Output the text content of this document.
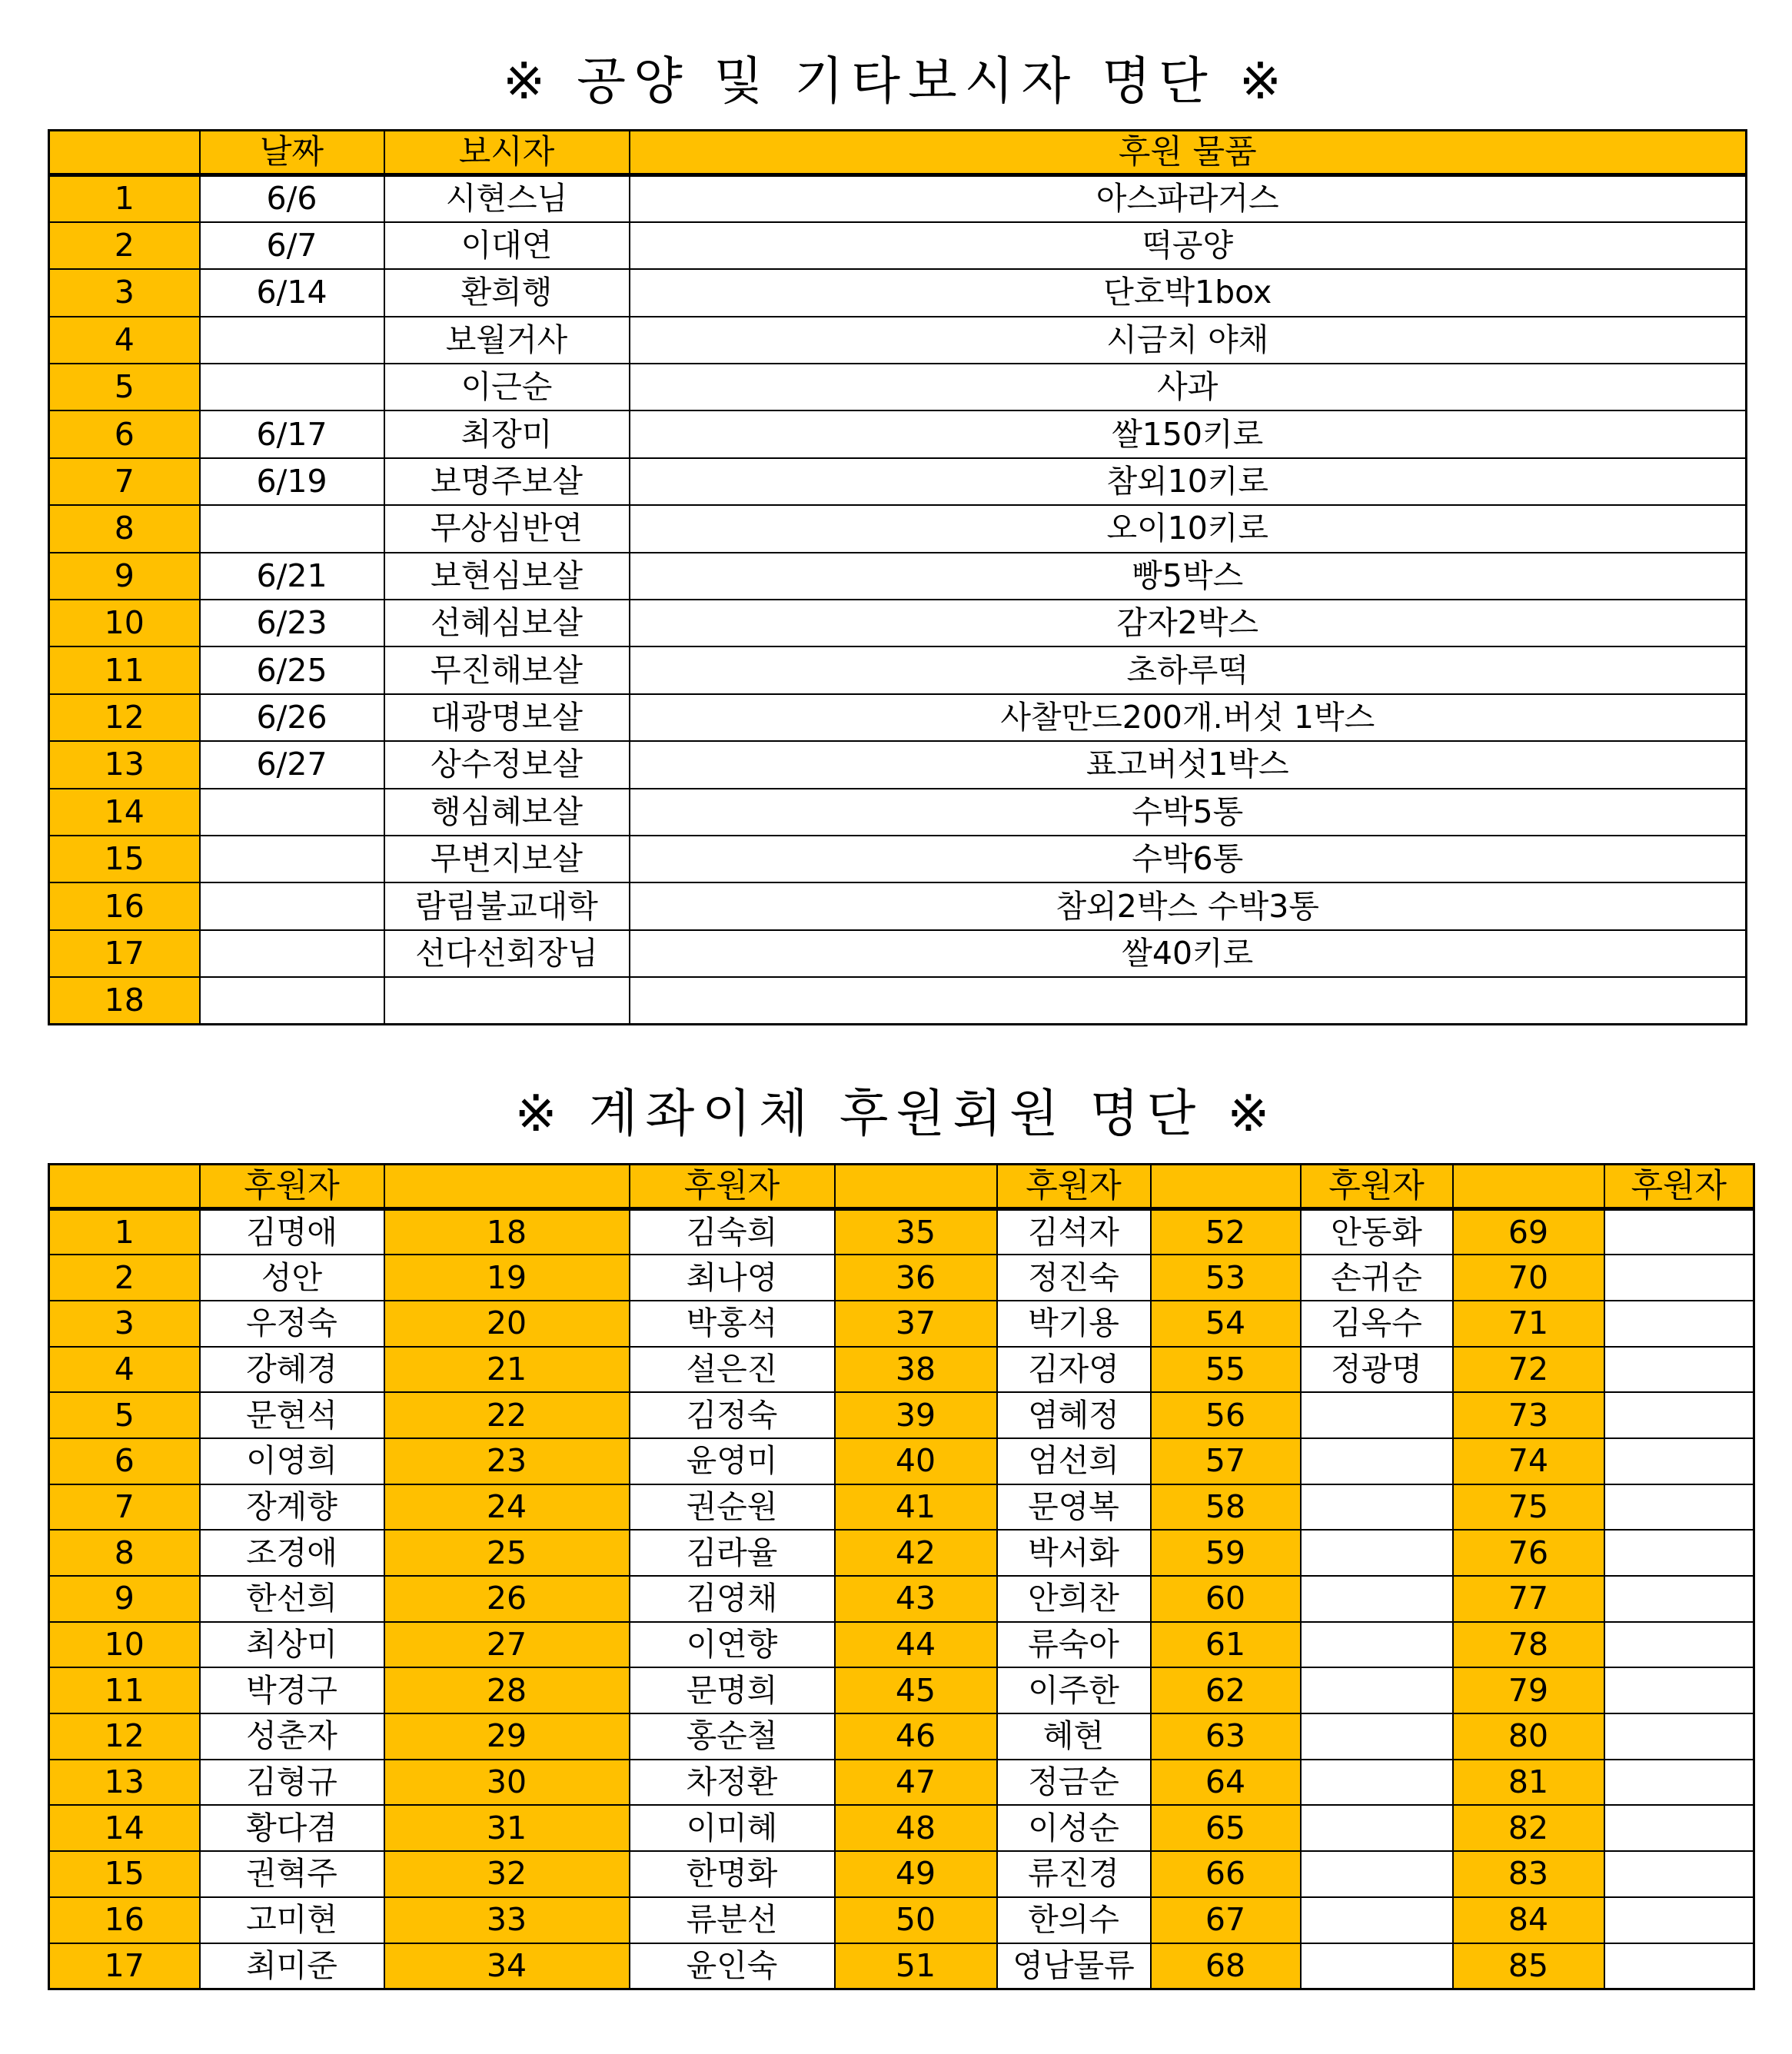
※ 공양 및 기타보시자 명단 ※
	날짜	보시자	후원 물품
1	6/6	시현스님	아스파라거스
2	6/7	이대연	떡공양
3	6/14	환희행	단호박1box
4		보월거사	시금치 야채
5		이근순	사과
6	6/17	최장미	쌀150키로
7	6/19	보명주보살	참외10키로
8		무상심반연	오이10키로
9	6/21	보현심보살	빵5박스
10	6/23	선혜심보살	감자2박스
11	6/25	무진해보살	초하루떡
12	6/26	대광명보살	사찰만드200개.버섯 1박스
13	6/27	상수정보살	표고버섯1박스
14		행심혜보살	수박5통
15		무변지보살	수박6통
16		람림불교대학	참외2박스 수박3통
17		선다선회장님	쌀40키로
18			
※ 계좌이체 후원회원 명단 ※
	후원자		후원자		후원자		후원자		후원자
1	김명애	18	김숙희	35	김석자	52	안동화	69	
2	성안	19	최나영	36	정진숙	53	손귀순	70	
3	우정숙	20	박홍석	37	박기용	54	김옥수	71	
4	강혜경	21	설은진	38	김자영	55	정광명	72	
5	문현석	22	김정숙	39	염혜정	56		73	
6	이영희	23	윤영미	40	엄선희	57		74	
7	장계향	24	권순원	41	문영복	58		75	
8	조경애	25	김라율	42	박서화	59		76	
9	한선희	26	김영채	43	안희찬	60		77	
10	최상미	27	이연향	44	류숙아	61		78	
11	박경구	28	문명희	45	이주한	62		79	
12	성춘자	29	홍순철	46	혜현	63		80	
13	김형규	30	차정환	47	정금순	64		81	
14	황다겸	31	이미혜	48	이성순	65		82	
15	권혁주	32	한명화	49	류진경	66		83	
16	고미현	33	류분선	50	한의수	67		84	
17	최미준	34	윤인숙	51	영남물류	68		85	
